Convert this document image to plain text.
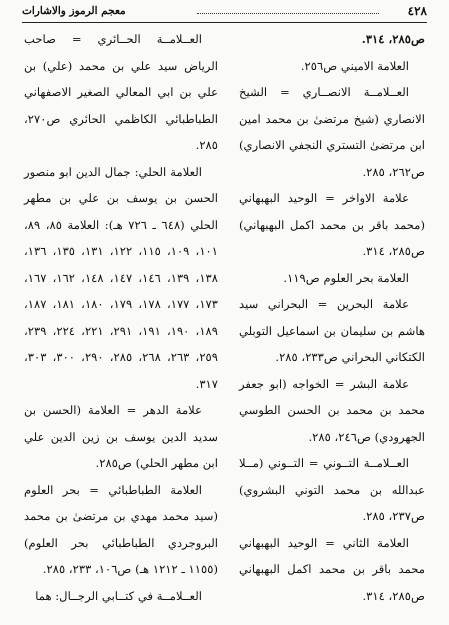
٤٢٨
معجم الرموز والاشارات

ص٢٨٥، ٣١٤.

العلامة الاميني ص٢٥٦.

العــلامــة الانصــاري = الشيخ الانصاري (شيخ مرتضىٰ بن محمد امين ابن مرتضىٰ التستري النجفي الانصاري) ص٢٦٢، ٢٨٥.

علامة الاواخر = الوحيد البهبهاني (محمد باقر بن محمد اكمل البهبهاني) ص٢٨٥، ٣١٤.

العلامة بحر العلوم ص١١٩.

علامة البحرين = البحراني سيد هاشم بن سليمان بن اسماعيل التوبلي الكتكاني البحراني ص٢٣٣، ٢٨٥.

علامة البشر = الخواجه (ابو جعفر محمد بن محمد بن الحسن الطوسي الجهرودي) ص٢٤٦، ٢٨٥.

العــلامــة التــوني = التــوني (مــلا عبدالله بن محمد التوني البشروي) ص٢٣٧، ٢٨٥.

العلامة الثاني = الوحيد البهبهاني محمد باقر بن محمد اكمل البهبهاني ص٢٨٥، ٣١٤.

العــلامــة الحــائري = صاحب الرياض سيد علي بن محمد (علي) بن علي بن ابي المعالي الصغير الاصفهاني الطباطبائي الكاظمي الحائري ص٢٧٠، ٢٨٥.

العلامة الحلي: جمال الدين ابو منصور الحسن بن يوسف بن علي بن مطهر الحلي (٦٤٨ ـ ٧٢٦ هـ): العلامة ٨٥، ٨٩، ١٠١، ١٠٩، ١١٥، ١٢٢، ١٣١، ١٣٥، ١٣٦، ١٣٨، ١٣٩، ١٤٦، ١٤٧، ١٤٨، ١٦٢، ١٦٧، ١٧٣، ١٧٧، ١٧٨، ١٧٩، ١٨٠، ١٨١، ١٨٧، ١٨٩، ١٩٠، ١٩١، ٢٩١، ٢٢١، ٢٢٤، ٢٣٩، ٢٥٩، ٢٦٣، ٢٦٨، ٢٨٥، ٢٩٠، ٣٠٠، ٣٠٣، ٣١٧.

علامة الدهر = العلامة (الحسن بن سديد الدين يوسف بن زين الدين علي ابن مطهر الحلي) ص٢٨٥.

العلامة الطباطبائي = بحر العلوم (سيد محمد مهدي بن مرتضىٰ بن محمد البروجردي الطباطبائي بحر العلوم) (١١٥٥ ـ ١٢١٢ هـ) ص١٠٦، ٢٣٣، ٢٨٥.

العــلامــة في كتــابي الرجــال: هما
